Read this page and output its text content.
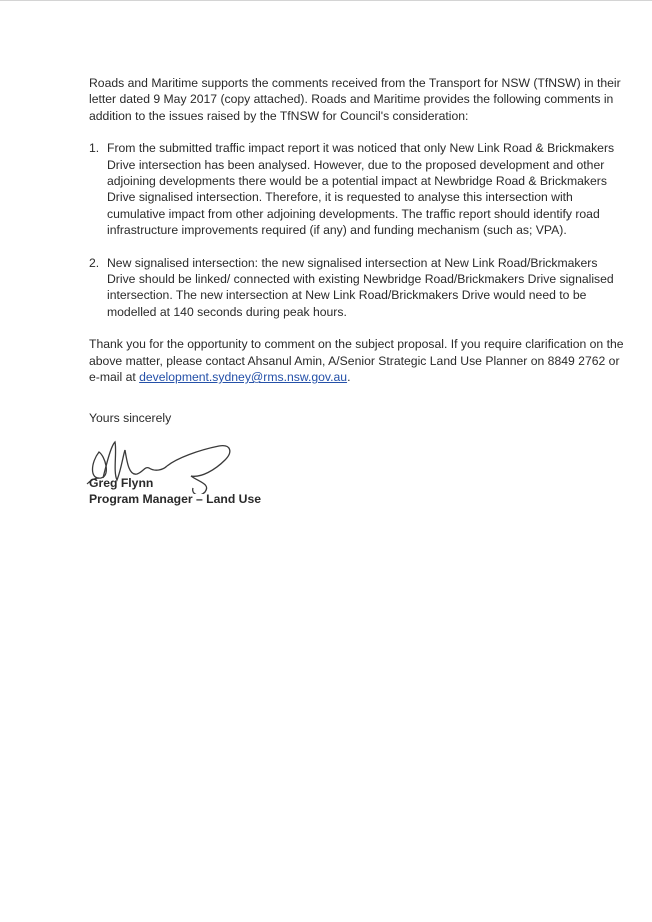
Roads and Maritime supports the comments received from the Transport for NSW (TfNSW) in their letter dated 9 May 2017 (copy attached). Roads and Maritime provides the following comments in addition to the issues raised by the TfNSW for Council's consideration:

1. From the submitted traffic impact report it was noticed that only New Link Road & Brickmakers Drive intersection has been analysed. However, due to the proposed development and other adjoining developments there would be a potential impact at Newbridge Road & Brickmakers Drive signalised intersection. Therefore, it is requested to analyse this intersection with cumulative impact from other adjoining developments. The traffic report should identify road infrastructure improvements required (if any) and funding mechanism (such as; VPA).
2. New signalised intersection: the new signalised intersection at New Link Road/Brickmakers Drive should be linked/ connected with existing Newbridge Road/Brickmakers Drive signalised intersection. The new intersection at New Link Road/Brickmakers Drive would need to be modelled at 140 seconds during peak hours.

Thank you for the opportunity to comment on the subject proposal. If you require clarification on the above matter, please contact Ahsanul Amin, A/Senior Strategic Land Use Planner on 8849 2762 or e-mail at development.sydney@rms.nsw.gov.au.

Yours sincerely
Greg Flynn
Program Manager – Land Use
